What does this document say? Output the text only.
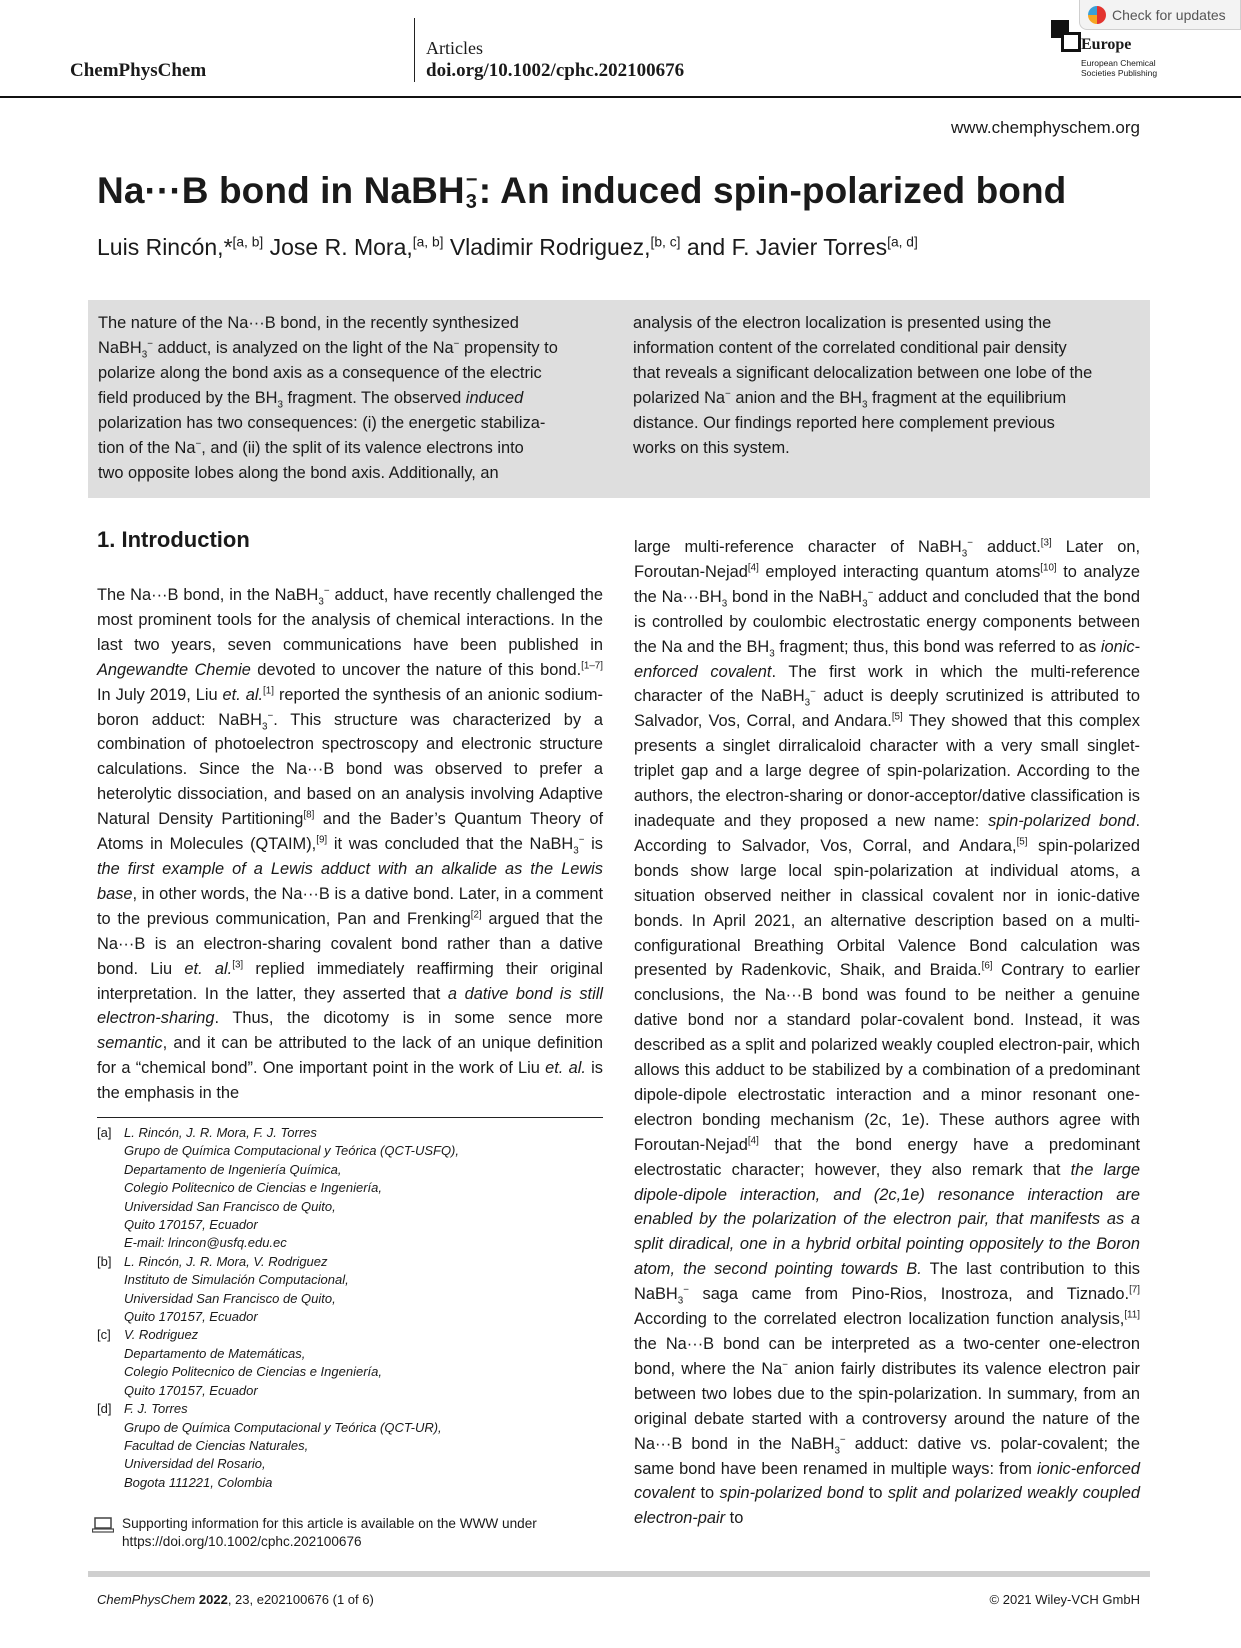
ChemPhysChem
Articles
doi.org/10.1002/cphc.202100676
Europe
European Chemical
Societies Publishing
Check for updates
www.chemphyschem.org
Na···B bond in NaBH −
3 : An induced spin-polarized bond
Luis Rincón,*[a, b] Jose R. Mora,[a, b] Vladimir Rodriguez,[b, c] and F. Javier Torres[a, d]
The nature of the Na···B bond, in the recently synthesized
NaBH$_3$− adduct, is analyzed on the light of the Na− propensity to
polarize along the bond axis as a consequence of the electric
field produced by the $BH_3$ fragment. The observed induced
polarization has two consequences: (i) the energetic stabiliza-
tion of the Na−, and (ii) the split of its valence electrons into
two opposite lobes along the bond axis. Additionally, an
analysis of the electron localization is presented using the
information content of the correlated conditional pair density
that reveals a significant delocalization between one lobe of the
polarized Na− anion and the $BH_3$ fragment at the equilibrium
distance. Our findings reported here complement previous
works on this system.
1. Introduction

The Na···B bond, in the NaBH$_3$− adduct, have recently challenged the most prominent tools for the analysis of chemical interactions. In the last two years, seven communications have been published in Angewandte Chemie devoted to uncover the nature of this bond.[1–7] In July 2019, Liu et. al.[1] reported the synthesis of an anionic sodium-boron adduct: NaBH$_3$−. This structure was characterized by a combination of photoelectron spectroscopy and electronic structure calculations. Since the Na···B bond was observed to prefer a heterolytic dissociation, and based on an analysis involving Adaptive Natural Density Partitioning[8] and the Bader’s Quantum Theory of Atoms in Molecules (QTAIM),[9] it was concluded that the NaBH$_3$− is the first example of a Lewis adduct with an alkalide as the Lewis base, in other words, the Na···B is a dative bond. Later, in a comment to the previous communication, Pan and Frenking[2] argued that the Na···B is an electron-sharing covalent bond rather than a dative bond. Liu et. al.[3] replied immediately reaffirming their original interpretation. In the latter, they asserted that a dative bond is still electron-sharing. Thus, the dicotomy is in some sence more semantic, and it can be attributed to the lack of an unique definition for a “chemical bond”. One important point in the work of Liu et. al. is the emphasis in the

large multi-reference character of NaBH$_3$− adduct.[3] Later on, Foroutan-Nejad[4] employed interacting quantum atoms[10] to analyze the $Na\cdot\cdot\cdot BH_3$ bond in the NaBH$_3$− adduct and concluded that the bond is controlled by coulombic electrostatic energy components between the Na and the $BH_3$ fragment; thus, this bond was referred to as ionic-enforced covalent. The first work in which the multi-reference character of the NaBH$_3$− aduct is deeply scrutinized is attributed to Salvador, Vos, Corral, and Andara.[5] They showed that this complex presents a singlet dirralicaloid character with a very small singlet-triplet gap and a large degree of spin-polarization. According to the authors, the electron-sharing or donor-acceptor/dative classification is inadequate and they proposed a new name: spin-polarized bond. According to Salvador, Vos, Corral, and Andara,[5] spin-polarized bonds show large local spin-polarization at individual atoms, a situation observed neither in classical covalent nor in ionic-dative bonds. In April 2021, an alternative description based on a multi-configurational Breathing Orbital Valence Bond calculation was presented by Radenkovic, Shaik, and Braida.[6] Contrary to earlier conclusions, the Na···B bond was found to be neither a genuine dative bond nor a standard polar-covalent bond. Instead, it was described as a split and polarized weakly coupled electron-pair, which allows this adduct to be stabilized by a combination of a predominant dipole-dipole electrostatic interaction and a minor resonant one-electron bonding mechanism (2c, 1e). These authors agree with Foroutan-Nejad[4] that the bond energy have a predominant electrostatic character; however, they also remark that the large dipole-dipole interaction, and (2c,1e) resonance interaction are enabled by the polarization of the electron pair, that manifests as a split diradical, one in a hybrid orbital pointing oppositely to the Boron atom, the second pointing towards B. The last contribution to this NaBH$_3$− saga came from Pino-Rios, Inostroza, and Tiznado.[7] According to the correlated electron localization function analysis,[11] the Na···B bond can be interpreted as a two-center one-electron bond, where the Na− anion fairly distributes its valence electron pair between two lobes due to the spin-polarization. In summary, from an original debate started with a controversy around the nature of the Na···B bond in the NaBH$_3$− adduct: dative vs. polar-covalent; the same bond have been renamed in multiple ways: from ionic-enforced covalent to spin-polarized bond to split and polarized weakly coupled electron-pair to

[a] L. Rincón, J. R. Mora, F. J. Torres
Grupo de Química Computacional y Teórica (QCT-USFQ),
Departamento de Ingeniería Química,
Colegio Politecnico de Ciencias e Ingeniería,
Universidad San Francisco de Quito,
Quito 170157, Ecuador
E-mail: lrincon@usfq.edu.ec
[b] L. Rincón, J. R. Mora, V. Rodriguez
Instituto de Simulación Computacional,
Universidad San Francisco de Quito,
Quito 170157, Ecuador
[c]	V. Rodriguez
Departamento de Matemáticas,
Colegio Politecnico de Ciencias e Ingeniería,
Quito 170157, Ecuador
[d] F. J. Torres
Grupo de Química Computacional y Teórica (QCT-UR),
Facultad de Ciencias Naturales,
Universidad del Rosario,
Bogota 111221, Colombia
Supporting information for this article is available on the WWW under
https://doi.org/10.1002/cphc.202100676
ChemPhysChem 2022, 23, e202100676 (1 of 6)	© 2021 Wiley-VCH GmbH
